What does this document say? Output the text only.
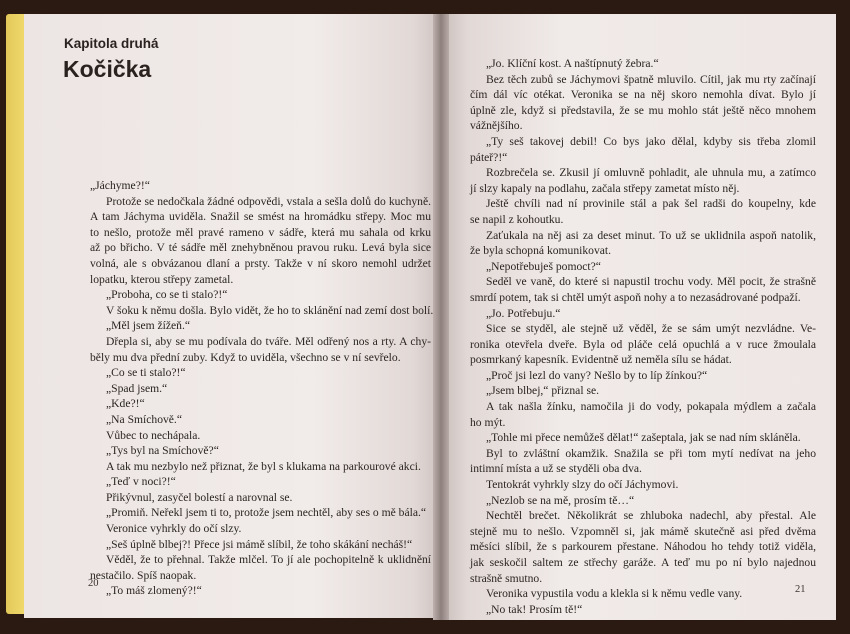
Kapitola druhá
Kočička

„Jáchyme?!“

Protože se nedočkala žádné odpovědi, vstala a sešla dolů do kuchyně.
A tam Jáchyma uviděla. Snažil se smést na hromádku střepy. Moc mu
to nešlo, protože měl pravé rameno v sádře, která mu sahala od krku
až po břicho. V té sádře měl znehybněnou pravou ruku. Levá byla sice
volná, ale s obvázanou dlaní a prsty. Takže v ní skoro nemohl udržet
lopatku, kterou střepy zametal.

„Proboha, co se ti stalo?!“

V šoku k němu došla. Bylo vidět, že ho to sklánění nad zemí dost bolí.

„Měl jsem žížeň.“

Dřepla si, aby se mu podívala do tváře. Měl odřený nos a rty. A chy-
běly mu dva přední zuby. Když to uviděla, všechno se v ní sevřelo.

„Co se ti stalo?!“

„Spad jsem.“

„Kde?!“

„Na Smíchově.“

Vůbec to nechápala.

„Tys byl na Smíchově?“

A tak mu nezbylo než přiznat, že byl s klukama na parkourové akci.

„Teď v noci?!“

Přikývnul, zasyčel bolestí a narovnal se.

„Promiň. Neřekl jsem ti to, protože jsem nechtěl, aby ses o mě bála.“

Veronice vyhrkly do očí slzy.

„Seš úplně blbej?! Přece jsi mámě slíbil, že toho skákání necháš!“

Věděl, že to přehnal. Takže mlčel. To jí ale pochopitelně k uklidnění
nestačilo. Spíš naopak.

„To máš zlomený?!“

„Jo. Klíční kost. A naštípnutý žebra.“

Bez těch zubů se Jáchymovi špatně mluvilo. Cítil, jak mu rty začínají
čím dál víc otékat. Veronika se na něj skoro nemohla dívat. Bylo jí
úplně zle, když si představila, že se mu mohlo stát ještě něco mnohem
vážnějšího.

„Ty seš takovej debil! Co bys jako dělal, kdyby sis třeba zlomil
páteř?!“

Rozbrečela se. Zkusil jí omluvně pohladit, ale uhnula mu, a zatímco
jí slzy kapaly na podlahu, začala střepy zametat místo něj.

Ještě chvíli nad ní provinile stál a pak šel radši do koupelny, kde
se napil z kohoutku.

Zaťukala na něj asi za deset minut. To už se uklidnila aspoň natolik,
že byla schopná komunikovat.

„Nepotřebuješ pomoct?“

Seděl ve vaně, do které si napustil trochu vody. Měl pocit, že strašně
smrdí potem, tak si chtěl umýt aspoň nohy a to nezasádrované podpaží.

„Jo. Potřebuju.“

Sice se styděl, ale stejně už věděl, že se sám umýt nezvládne. Ve-
ronika otevřela dveře. Byla od pláče celá opuchlá a v ruce žmoulala
posmrkaný kapesník. Evidentně už neměla sílu se hádat.

„Proč jsi lezl do vany? Nešlo by to líp žínkou?“

„Jsem blbej,“ přiznal se.

A tak našla žínku, namočila ji do vody, pokapala mýdlem a začala
ho mýt.

„Tohle mi přece nemůžeš dělat!“ zašeptala, jak se nad ním skláněla.

Byl to zvláštní okamžik. Snažila se při tom mytí nedívat na jeho
intimní místa a už se styděli oba dva.

Tentokrát vyhrkly slzy do očí Jáchymovi.

„Nezlob se na mě, prosím tě…“

Nechtěl brečet. Několikrát se zhluboka nadechl, aby přestal. Ale
stejně mu to nešlo. Vzpomněl si, jak mámě skutečně asi před dvěma
měsíci slíbil, že s parkourem přestane. Náhodou ho tehdy totiž viděla,
jak seskočil saltem ze střechy garáže. A teď mu po ní bylo najednou
strašně smutno.

Veronika vypustila vodu a klekla si k němu vedle vany.

„No tak! Prosím tě!“

20
21
